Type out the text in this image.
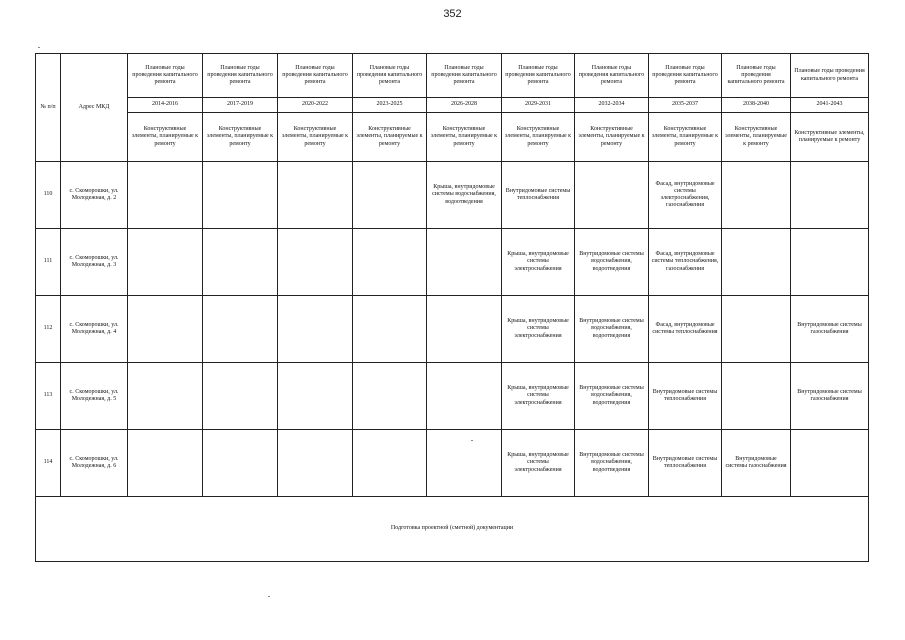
352
№ п/п	Адрес МКД	Плановые годы проведения капитального ремонта	Плановые годы проведения капитального ремонта	Плановые годы проведения капитального ремонта	Плановые годы проведения капитального ремонта	Плановые годы проведения капитального ремонта	Плановые годы проведения капитального ремонта	Плановые годы проведения капитального ремонта	Плановые годы проведения капитального ремонта	Плановые годы проведения капитального ремонта	Плановые годы проведения капитального ремонта
		2014-2016	2017-2019	2020-2022	2023-2025	2026-2028	2029-2031	2032-2034	2035-2037	2038-2040	2041-2043
		Конструктивные элементы, планируемые к ремонту	Конструктивные элементы, планируемые к ремонту	Конструктивные элементы, планируемые к ремонту	Конструктивные элементы, планируемые к ремонту	Конструктивные элементы, планируемые к ремонту	Конструктивные элементы, планируемые к ремонту	Конструктивные элементы, планируемые к ремонту	Конструктивные элементы, планируемые к ремонту	Конструктивные элементы, планируемые к ремонту	Конструктивные элементы, планируемые к ремонту
110	с. Скоморошки, ул. Молодежная, д. 2					Крыша, внутридомовые системы водоснабжения, водоотведения	Внутридомовые системы теплоснабжения		Фасад, внутридомовые системы электроснабжения, газоснабжения		
111	с. Скоморошки, ул. Молодежная, д. 3						Крыша, внутридомовые системы электроснабжения	Внутридомовые системы водоснабжения, водоотведения	Фасад, внутридомовые системы теплоснабжения, газоснабжения		
112	с. Скоморошки, ул. Молодежная, д. 4						Крыша, внутридомовые системы электроснабжения	Внутридомовые системы водоснабжения, водоотведения	Фасад, внутридомовые системы теплоснабжения		Внутридомовые системы газоснабжения
113	с. Скоморошки, ул. Молодежная, д. 5						Крыша, внутридомовые системы электроснабжения	Внутридомовые системы водоснабжения, водоотведения	Внутридомовые системы теплоснабжения		Внутридомовые системы газоснабжения
114	с. Скоморошки, ул. Молодежная, д. 6						Крыша, внутридомовые системы электроснабжения	Внутридомовые системы водоснабжения, водоотведения	Внутридомовые системы теплоснабжения	Внутридомовые системы газоснабжения	
Подготовка проектной (сметной) документации											
